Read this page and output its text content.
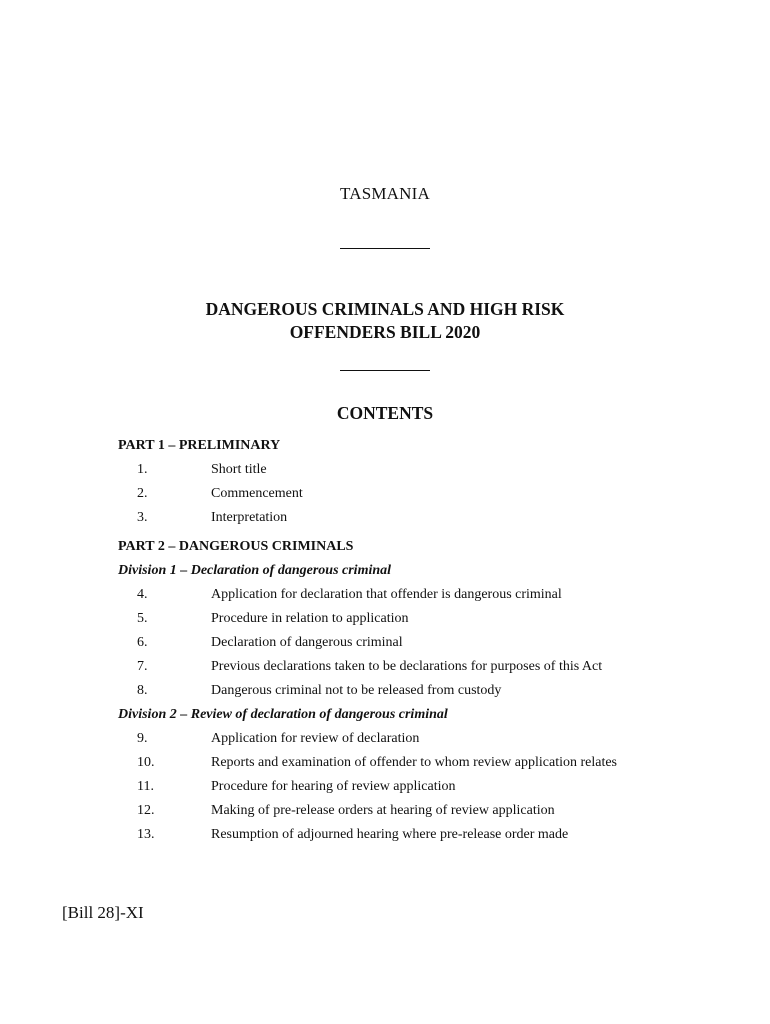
TASMANIA
DANGEROUS CRIMINALS AND HIGH RISK
OFFENDERS BILL 2020
CONTENTS
PART 1 – PRELIMINARY
1.	Short title
2.	Commencement
3.	Interpretation
PART 2 – DANGEROUS CRIMINALS
Division 1 – Declaration of dangerous criminal
4.	Application for declaration that offender is dangerous criminal
5.	Procedure in relation to application
6.	Declaration of dangerous criminal
7.	Previous declarations taken to be declarations for purposes of this Act
8.	Dangerous criminal not to be released from custody
Division 2 – Review of declaration of dangerous criminal
9.	Application for review of declaration
10.	Reports and examination of offender to whom review application relates
11.	Procedure for hearing of review application
12.	Making of pre-release orders at hearing of review application
13.	Resumption of adjourned hearing where pre-release order made
[Bill 28]-XI
